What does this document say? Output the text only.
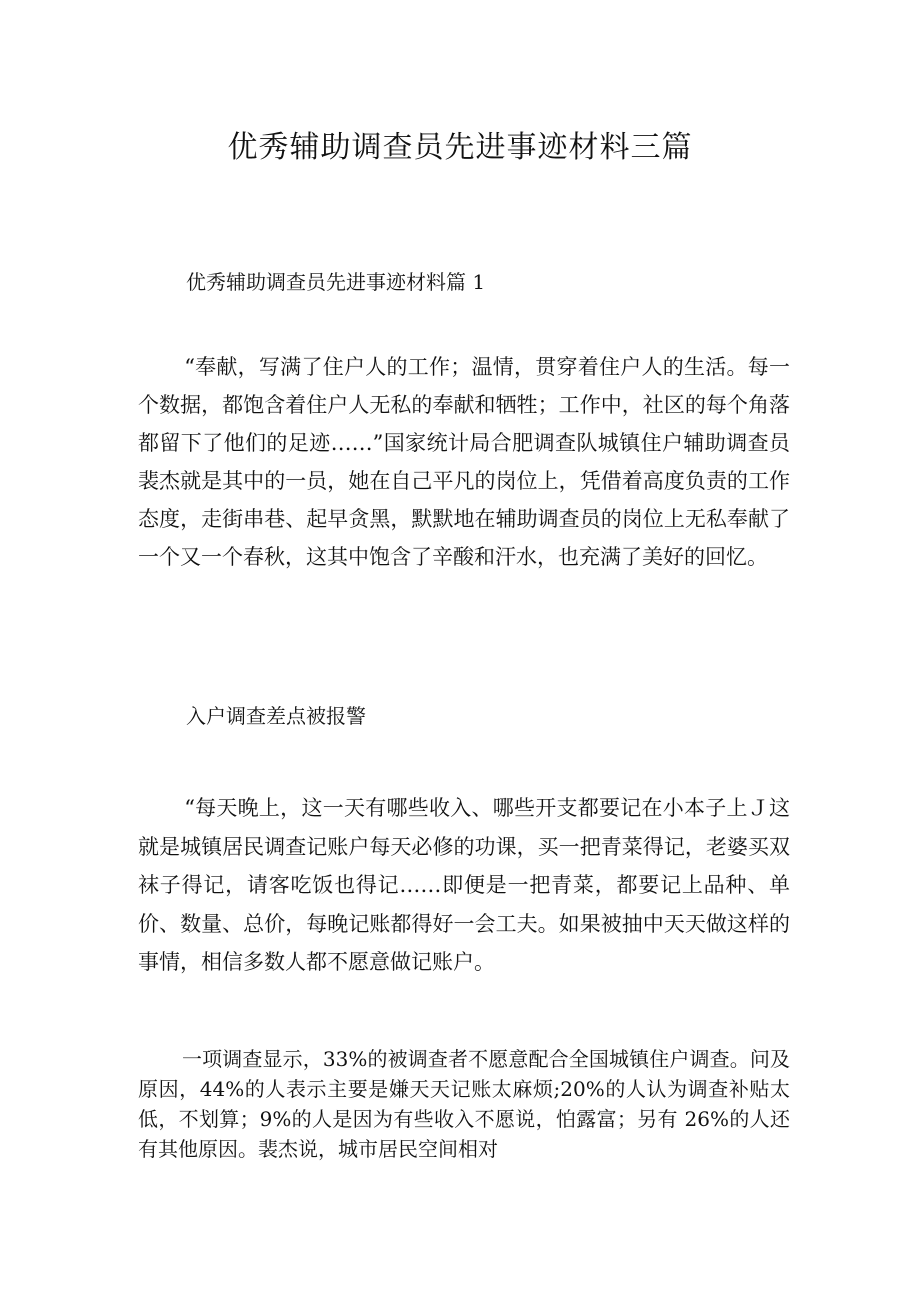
优秀辅助调查员先进事迹材料三篇
优秀辅助调查员先进事迹材料篇 1
“奉献，写满了住户人的工作；温情，贯穿着住户人的生活。每一个数据，都饱含着住户人无私的奉献和牺牲；工作中，社区的每个角落都留下了他们的足迹……”国家统计局合肥调查队城镇住户辅助调查员裴杰就是其中的一员，她在自己平凡的岗位上，凭借着高度负责的工作态度，走街串巷、起早贪黑，默默地在辅助调查员的岗位上无私奉献了一个又一个春秋，这其中饱含了辛酸和汗水，也充满了美好的回忆。
入户调查差点被报警
“每天晚上，这一天有哪些收入、哪些开支都要记在小本子上Ｊ这就是城镇居民调查记账户每天必修的功课，买一把青菜得记，老婆买双袜子得记，请客吃饭也得记……即便是一把青菜，都要记上品种、单价、数量、总价，每晚记账都得好一会工夫。如果被抽中天天做这样的事情，相信多数人都不愿意做记账户。
一项调查显示，33%的被调查者不愿意配合全国城镇住户调查。问及原因，44%的人表示主要是嫌天天记账太麻烦;20%的人认为调查补贴太低，不划算；9%的人是因为有些收入不愿说，怕露富；另有 26%的人还有其他原因。裴杰说，城市居民空间相对
